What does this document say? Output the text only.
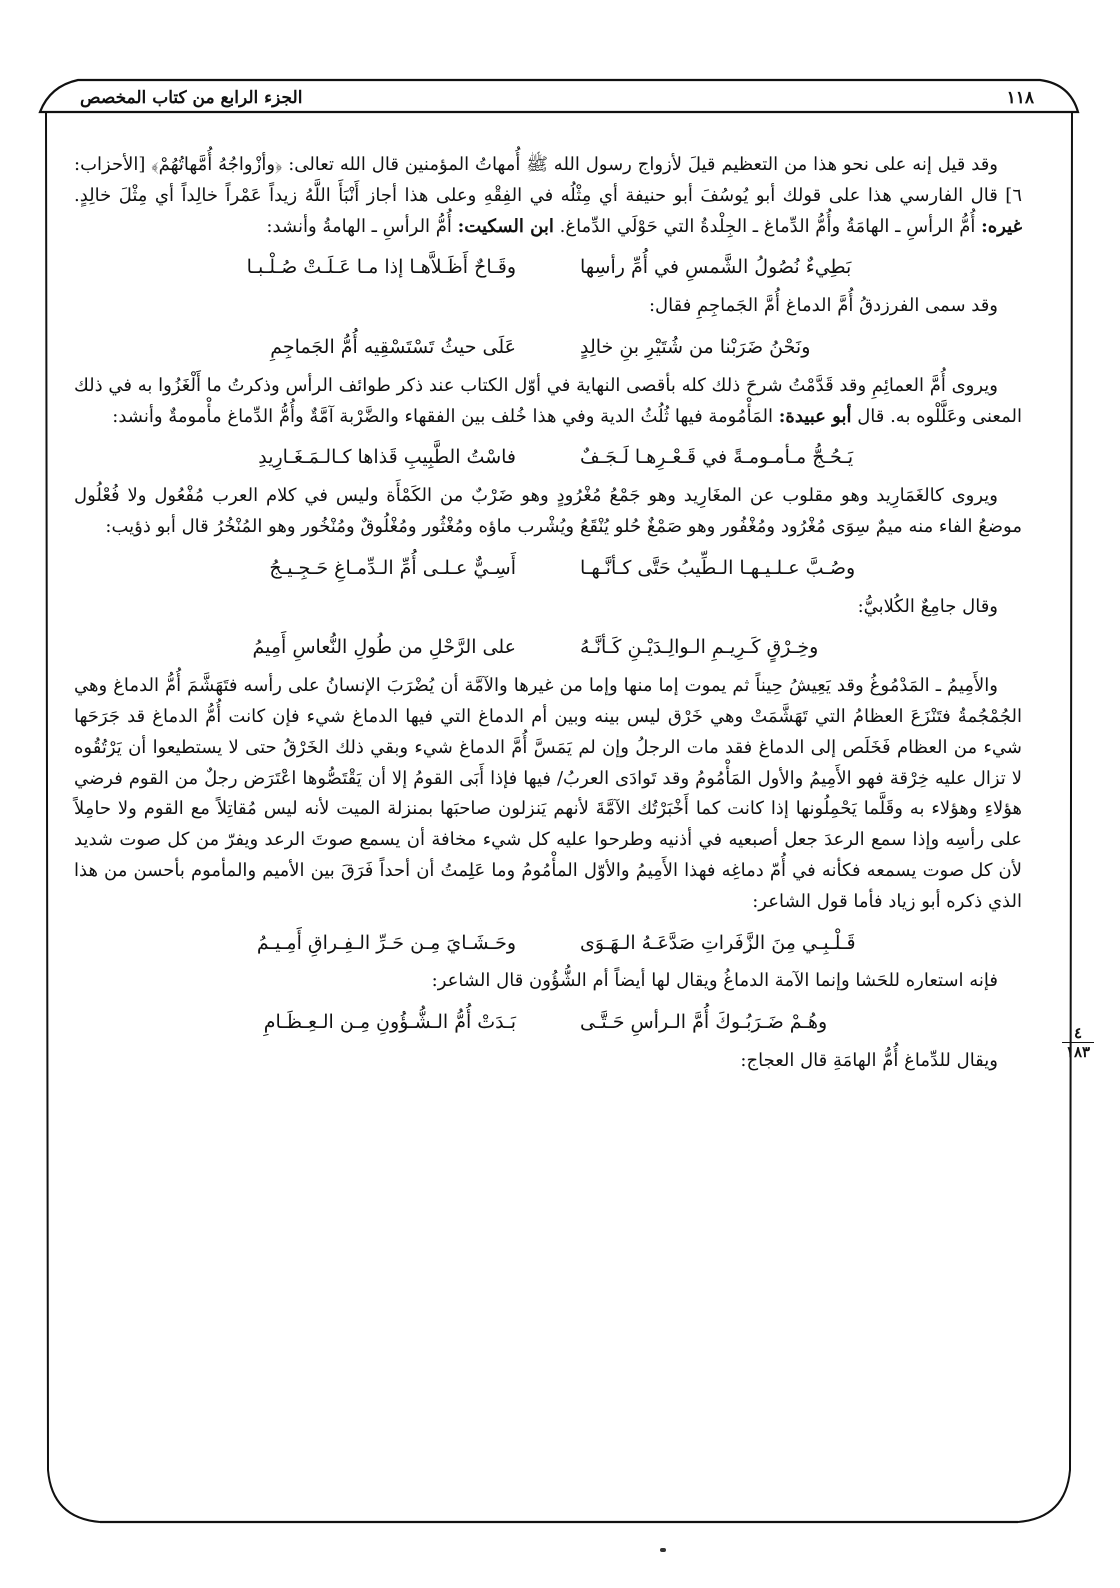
الجزء الرابع من كتاب المخصص	١١٨
٤
١٨٣

وقد قيل إنه على نحو هذا من التعظيم قيلَ لأزواج رسول الله ﷺ أُمهاتُ المؤمنين قال الله تعالى: ﴿وأزْواجُهُ أُمَّهاتُهُمْ﴾ [الأحزاب: ٦] قال الفارسي هذا على قولك أبو يُوسُفَ أبو حنيفة أي مِثْلُه في الفِقْهِ وعلى هذا أجاز أَنْبَأَ اللَّهُ زيداً عَمْراً خالِداً أي مِثْلَ خالِدٍ. غيره: أُمُّ الرأسِ ـ الهامَةُ وأُمُّ الدِّماغ ـ الجِلْدةُ التي حَوْلَي الدِّماغ. ابن السكيت: أُمُّ الرأسِ ـ الهامةُ وأنشد:

بَطِيءٌ نُصُولُ الشَّمسِ في أُمِّ رأسِها
وقَـاحٌ أَظَـلاَّهـا إذا مـا عَـلَـتْ صُـلْـبـا

وقد سمى الفرزدقُ أُمَّ الدماغ أُمَّ الجَماجِمِ فقال:

ونَحْنُ ضَرَبْنا من شُتَيْرِ بنِ خالِدٍ
عَلَى حيثُ تَسْتَسْقِيه أُمُّ الجَماجِمِ

ويروى أُمَّ العمائِمِ وقد قَدَّمْتُ شرحَ ذلك كله بأقصى النهاية في أوّل الكتاب عند ذكر طوائف الرأس وذكرتُ ما أَلْغَزُوا به في ذلك المعنى وعَلَّلْوه به. قال أبو عبيدة: المَأْمُومة فيها ثُلُثُ الدية وفي هذا خُلف بين الفقهاء والضَّرْبة آمَّةٌ وأُمُّ الدِّماغ مأْمومةٌ وأنشد:

يَـحُـجُّ مـأمـومـةً في قَـعْـرِهـا لَـجَـفٌ
فاسْتُ الطَّبِيبِ قَذاها كـالـمَـغَـارِيدِ

ويروى كالغَمَارِيد وهو مقلوب عن المغَارِيد وهو جَمْعُ مُغْرُودٍ وهو ضَرْبٌ من الكَمْأَة وليس في كلام العرب مُفْعُول ولا فُعْلُول موضعُ الفاء منه ميمٌ سِوَى مُغْرُود ومُغْفُور وهو صَمْغٌ حُلو يُنْقَعُ ويُشْرب ماؤه ومُغْثُور ومُغْلُوقٌ ومُنْخُور وهو المُنْخُرُ قال أبو ذؤيب:

وصُـبَّ عـلـيـهـا الـطِّيبُ حَتَّى كـأنَّـهـا
أَسِـيٌّ عـلـى أُمِّ الـدِّمـاغِ حَـجِـيـجُ

وقال جامِعٌ الكُلابيُّ:

وخِـرْقٍ كَـرِيـمِ الـوالِـدَيْـنِ كَـأنَّـهُ
على الرَّحْلِ من طُولِ النُّعاسِ أَمِيمُ

والأَمِيمُ ـ المَدْمُوغُ وقد يَعِيشُ حِيناً ثم يموت إما منها وإما من غيرها والآمَّة أن يُضْرَبَ الإنسانُ على رأسه فتَهَشَّمَ أُمُّ الدماغ وهي الجُمْجُمةُ فتَنْزَعَ العظامُ التي تَهَشَّمَتْ وهي خَرْق ليس بينه وبين أم الدماغ التي فيها الدماغ شيء فإن كانت أُمُّ الدماغ قد جَرَحَها شيء من العظام فَخَلَص إلى الدماغ فقد مات الرجلُ وإن لم يَمَسَّ أُمَّ الدماغ شيء وبقي ذلك الخَرْقُ حتى لا يستطيعوا أن يَرْتُقُوه لا تزال عليه خِرْقة فهو الأَمِيمُ والأول المَأْمُومُ وقد تَوادَى العربُ/ فيها فإذا أَبَى القومُ إلا أن يَقْتَصُّوها اعْتَرَض رجلٌ من القوم فرضي هؤلاءِ وهؤلاء به وقَلَّما يَحْمِلُونها إذا كانت كما أَخْبَرْتُك الآمَّةَ لأنهم يَنزلون صاحبَها بمنزلة الميت لأنه ليس مُقاتِلاً مع القوم ولا حامِلاً على رأسِه وإذا سمع الرعدَ جعل أصبعيه في أذنيه وطرحوا عليه كل شيء مخافة أن يسمع صوتَ الرعد ويفرّ من كل صوت شديد لأن كل صوت يسمعه فكأنه في أُمّ دماغِه فهذا الأَمِيمُ والأوّل المأْمُومُ وما عَلِمتُ أن أحداً فَرَقَ بين الأميم والمأموم بأحسن من هذا الذي ذكره أبو زياد فأما قول الشاعر:

قَـلْـبِـي مِنَ الزَّفَراتِ صَدَّعَـهُ الـهَـوَى
وحَـشَـايَ مِـن حَـرِّ الـفِـراقِ أَمِـيـمُ

فإنه استعاره للحَشا وإنما الآمة الدماغُ ويقال لها أيضاً أم الشُّؤُون قال الشاعر:

وهُـمْ ضَـرَبُـوكَ أُمَّ الـرأسِ حَـتَّـى
بَـدَتْ أُمُّ الـشُّـؤُونِ مِـن الـعِـظَـامِ

ويقال للدِّماغ أُمُّ الهامَةِ قال العجاج:
